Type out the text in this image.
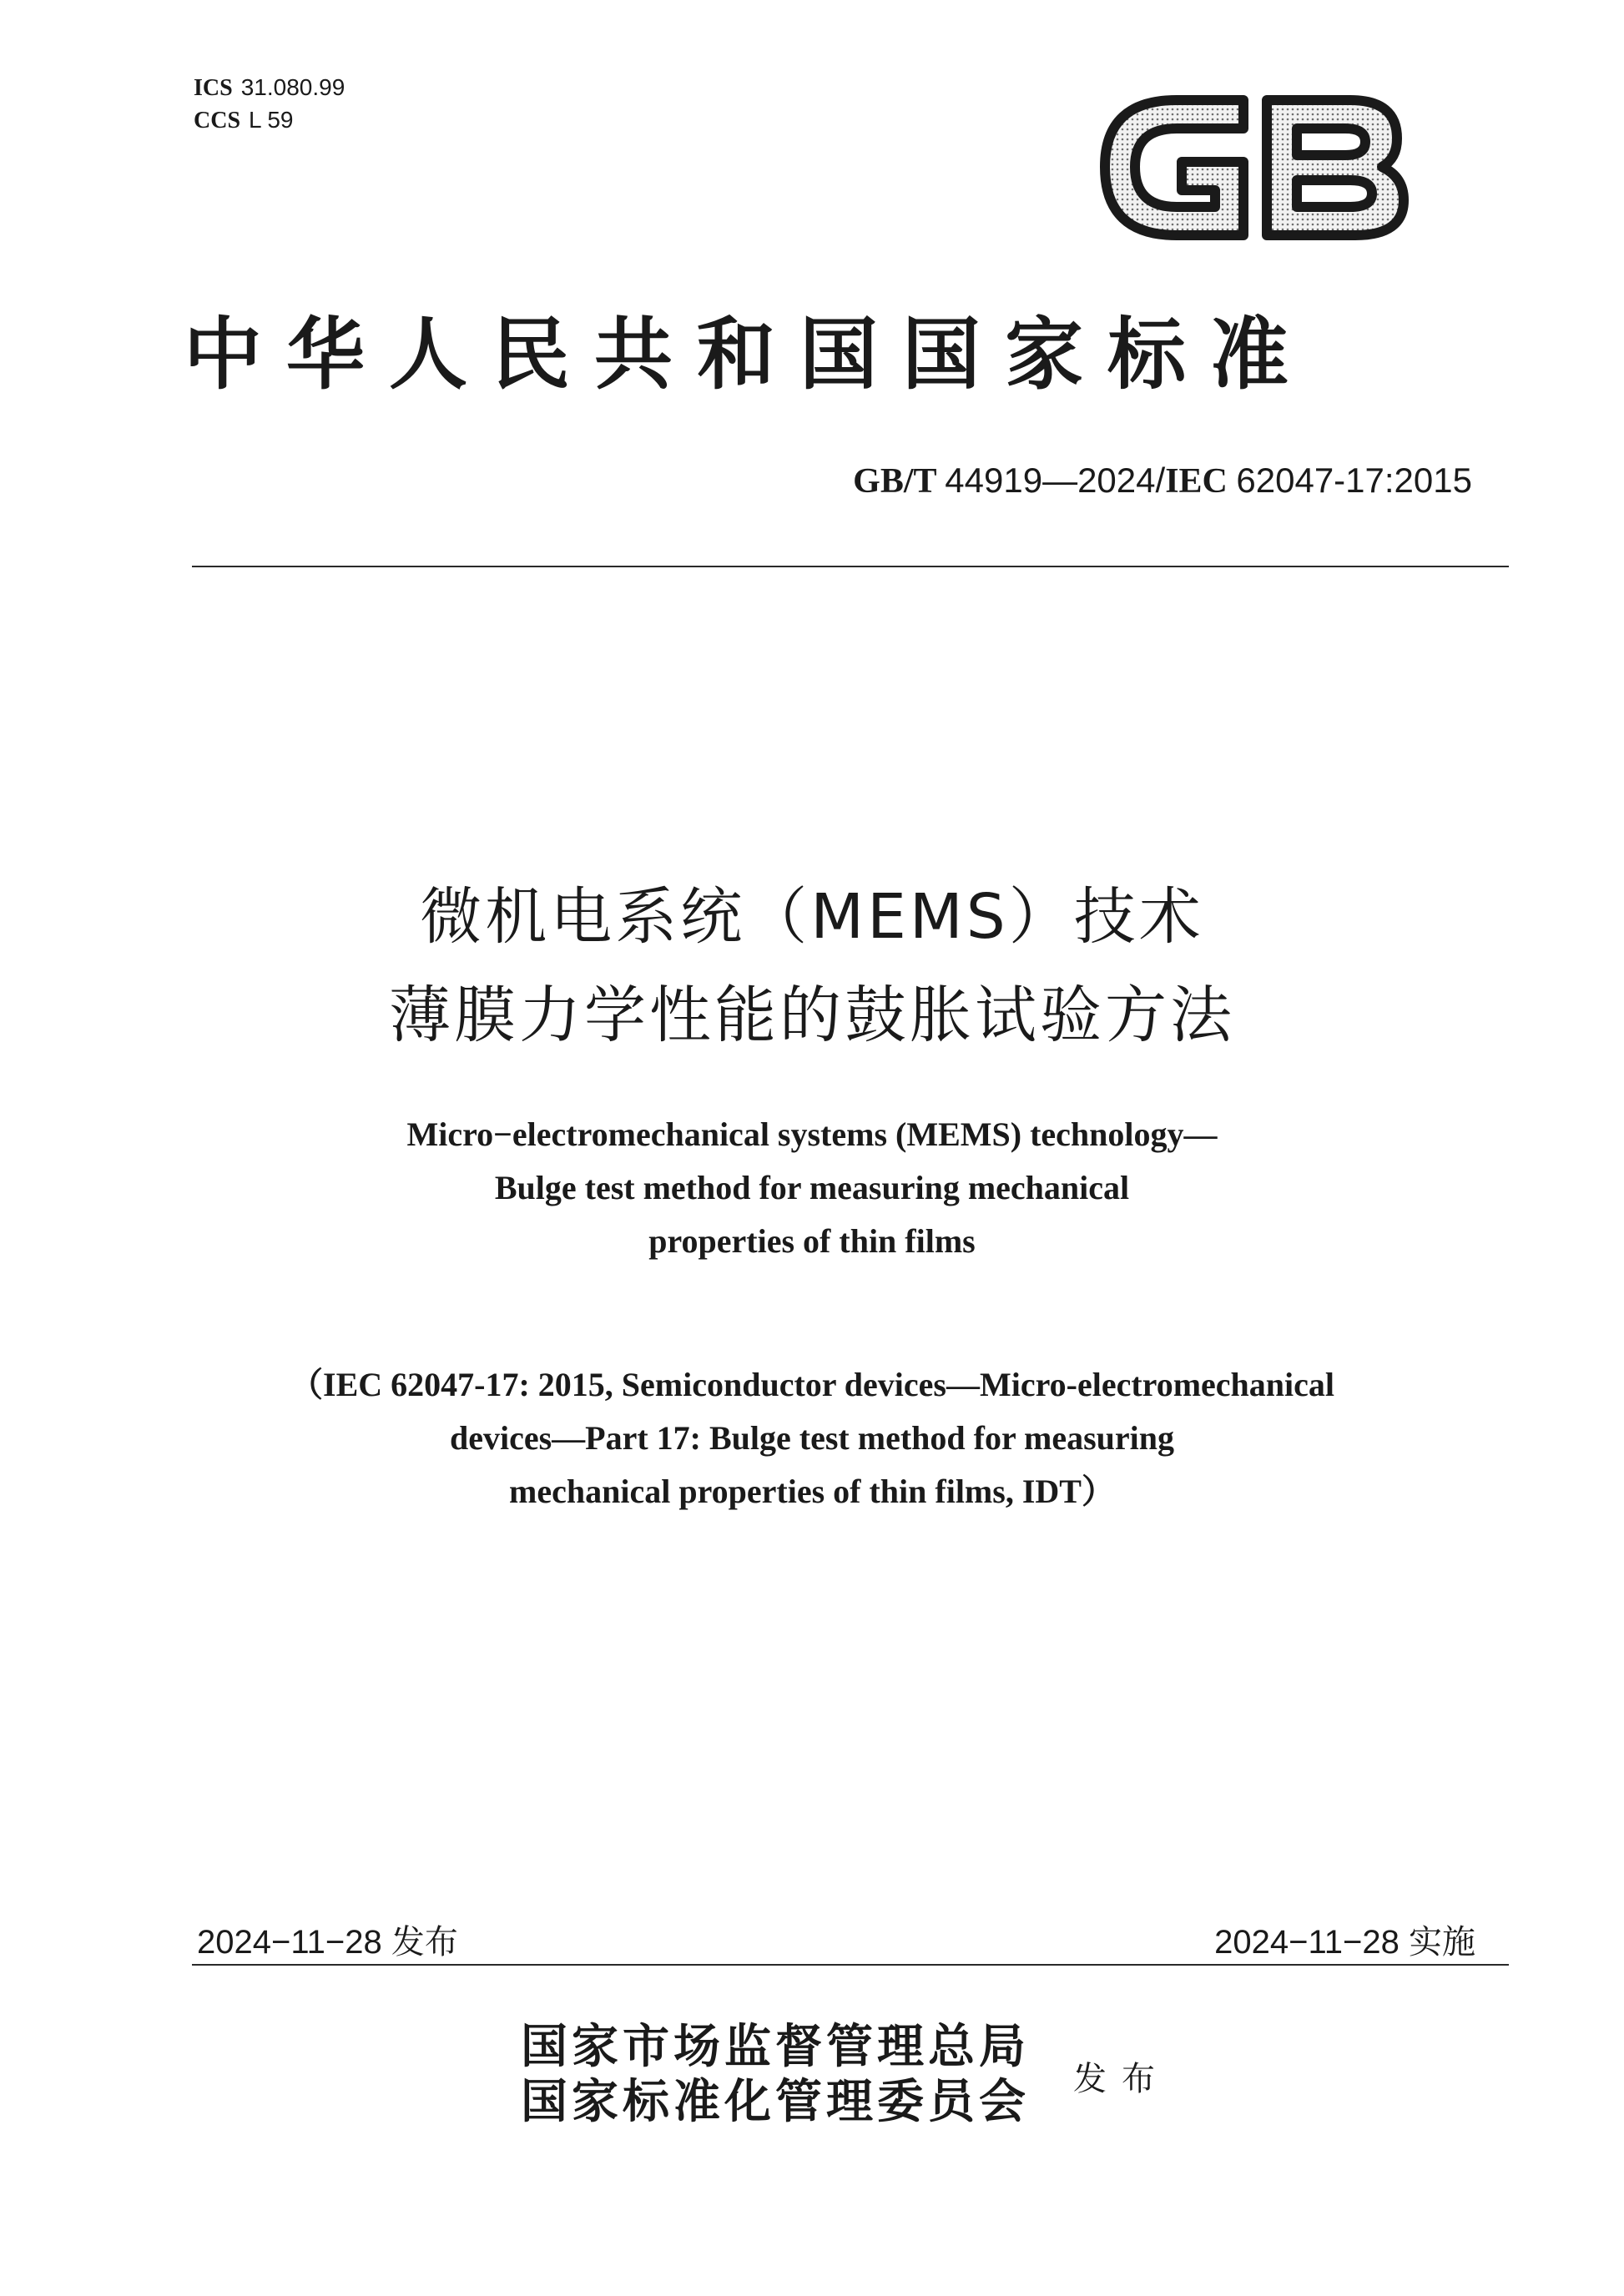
ICS 31.080.99
CCS L 59
中华人民共和国国家标准
GB/T 44919—2024/IEC 62047-17:2015
微机电系统（MEMS）技术
薄膜力学性能的鼓胀试验方法
Micro−electromechanical systems (MEMS) technology—
Bulge test method for measuring mechanical
properties of thin films
（IEC 62047-17: 2015, Semiconductor devices—Micro-electromechanical
devices—Part 17: Bulge test method for measuring
mechanical properties of thin films, IDT）
2024−11−28 发布	2024−11−28 实施
国家市场监督管理总局
国家标准化管理委员会 发布
